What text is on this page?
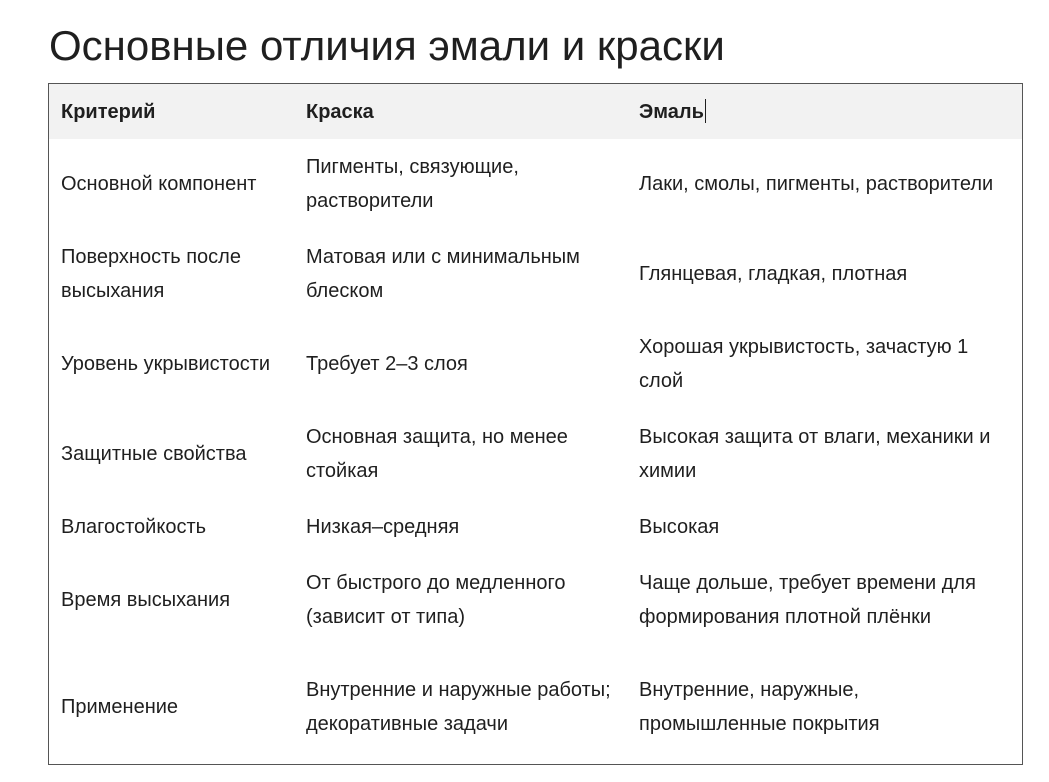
Основные отличия эмали и краски
Критерий	Краска	Эмаль
Основной компонент	Пигменты, связующие, растворители	Лаки, смолы, пигменты, растворители
Поверхность после высыхания	Матовая или с минимальным блеском	Глянцевая, гладкая, плотная
Уровень укрывистости	Требует 2–3 слоя	Хорошая укрывистость, зачастую 1 слой
Защитные свойства	Основная защита, но менее стойкая	Высокая защита от влаги, механики и химии
Влагостойкость	Низкая–средняя	Высокая
Время высыхания	От быстрого до медленного (зависит от типа)	Чаще дольше, требует времени для формирования плотной плёнки
Применение	Внутренние и наружные работы; декоративные задачи	Внутренние, наружные, промышленные покрытия
